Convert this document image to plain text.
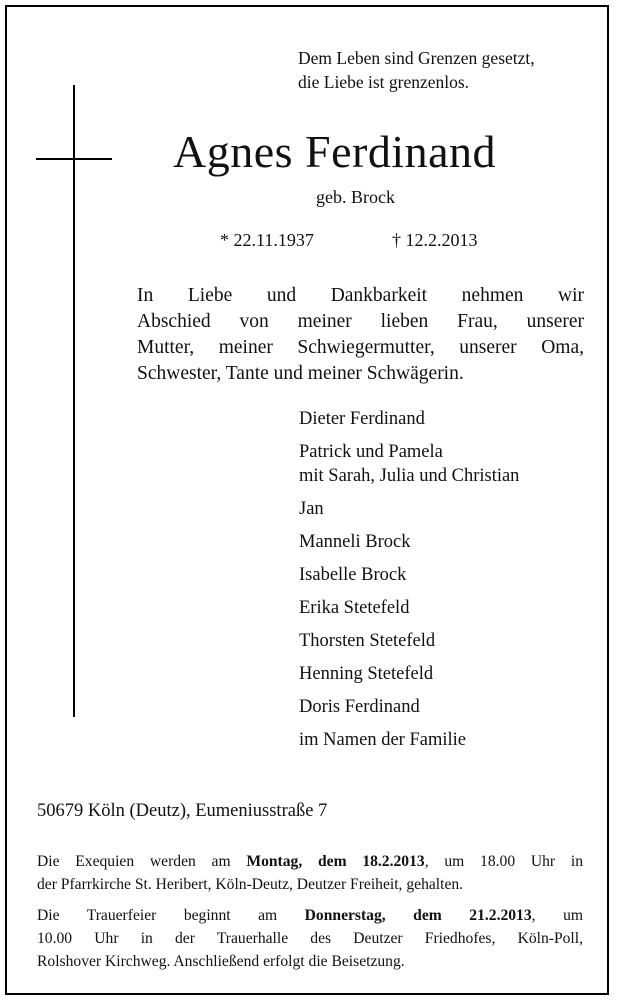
Dem Leben sind Grenzen gesetzt,
die Liebe ist grenzenlos.
Agnes Ferdinand
geb. Brock
* 22.11.1937	† 12.2.2013
In Liebe und Dankbarkeit nehmen wir
Abschied von meiner lieben Frau, unserer
Mutter, meiner Schwiegermutter, unserer Oma,
Schwester, Tante und meiner Schwägerin.
Dieter Ferdinand
Patrick und Pamela
mit Sarah, Julia und Christian
Jan
Manneli Brock
Isabelle Brock
Erika Stetefeld
Thorsten Stetefeld
Henning Stetefeld
Doris Ferdinand
im Namen der Familie
50679 Köln (Deutz), Eumeniusstraße 7
Die Exequien werden am Montag, dem 18.2.2013, um 18.00 Uhr in
der Pfarrkirche St. Heribert, Köln-Deutz, Deutzer Freiheit, gehalten.
Die Trauerfeier beginnt am Donnerstag, dem 21.2.2013, um
10.00 Uhr in der Trauerhalle des Deutzer Friedhofes, Köln-Poll,
Rolshover Kirchweg. Anschließend erfolgt die Beisetzung.
